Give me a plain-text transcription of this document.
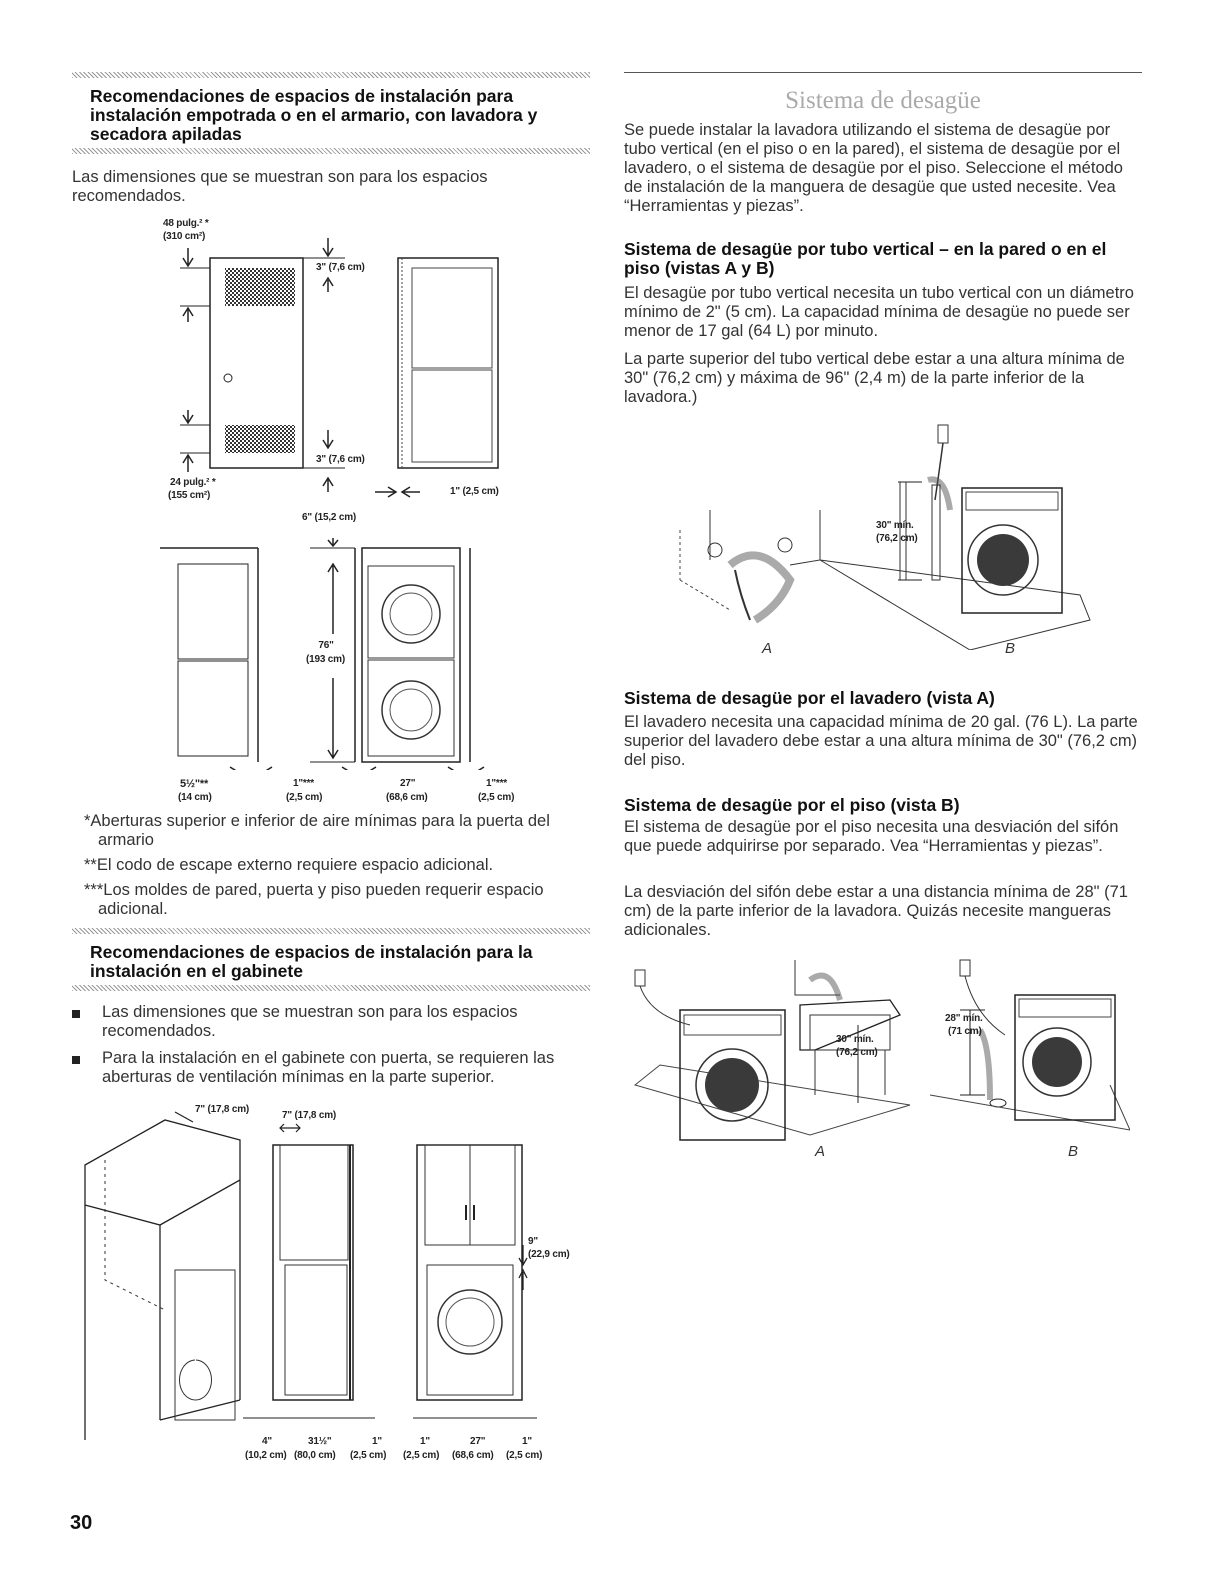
Recomendaciones de espacios de instalación para instalación empotrada o en el armario, con lavadora y secadora apiladas
Las dimensiones que se muestran son para los espacios recomendados.
48 pulg.² *
(310 cm²)
3" (7,6 cm)
3" (7,6 cm)
24 pulg.² *
(155 cm²)	1" (2,5 cm)
6" (15,2 cm)
76"
(193 cm)
5½"**
(14 cm)
1"***
(2,5 cm)
27"
(68,6 cm)
1"***
(2,5 cm)
*Aberturas superior e inferior de aire mínimas para la puerta del armario
**El codo de escape externo requiere espacio adicional.
***Los moldes de pared, puerta y piso pueden requerir espacio adicional.
Recomendaciones de espacios de instalación para la instalación en el gabinete
Las dimensiones que se muestran son para los espacios recomendados.
Para la instalación en el gabinete con puerta, se requieren las aberturas de ventilación mínimas en la parte superior.
7" (17,8 cm)
7" (17,8 cm)
9"
(22,9 cm)
4"	31½"	1"	1"	27"	1"
(10,2 cm) (80,0 cm) (2,5 cm) (2,5 cm) (68,6 cm) (2,5 cm)
Sistema de desagüe
Se puede instalar la lavadora utilizando el sistema de desagüe por tubo vertical (en el piso o en la pared), el sistema de desagüe por el lavadero, o el sistema de desagüe por el piso. Seleccione el método de instalación de la manguera de desagüe que usted necesite. Vea “Herramientas y piezas”.
Sistema de desagüe por tubo vertical – en la pared o en el piso (vistas A y B)
El desagüe por tubo vertical necesita un tubo vertical con un diámetro mínimo de 2" (5 cm). La capacidad mínima de desagüe no puede ser menor de 17 gal (64 L) por minuto.
La parte superior del tubo vertical debe estar a una altura mínima de 30" (76,2 cm) y máxima de 96" (2,4 m) de la parte inferior de la lavadora.)
30" mín.
(76,2 cm)
A	B
Sistema de desagüe por el lavadero (vista A)
El lavadero necesita una capacidad mínima de 20 gal. (76 L). La parte superior del lavadero debe estar a una altura mínima de 30" (76,2 cm) del piso.
Sistema de desagüe por el piso (vista B)
El sistema de desagüe por el piso necesita una desviación del sifón que puede adquirirse por separado. Vea “Herramientas y piezas”.
La desviación del sifón debe estar a una distancia mínima de 28" (71 cm) de la parte inferior de la lavadora. Quizás necesite mangueras adicionales.
30" mín.
(76,2 cm)
28" mín.
(71 cm)
A	B
30
